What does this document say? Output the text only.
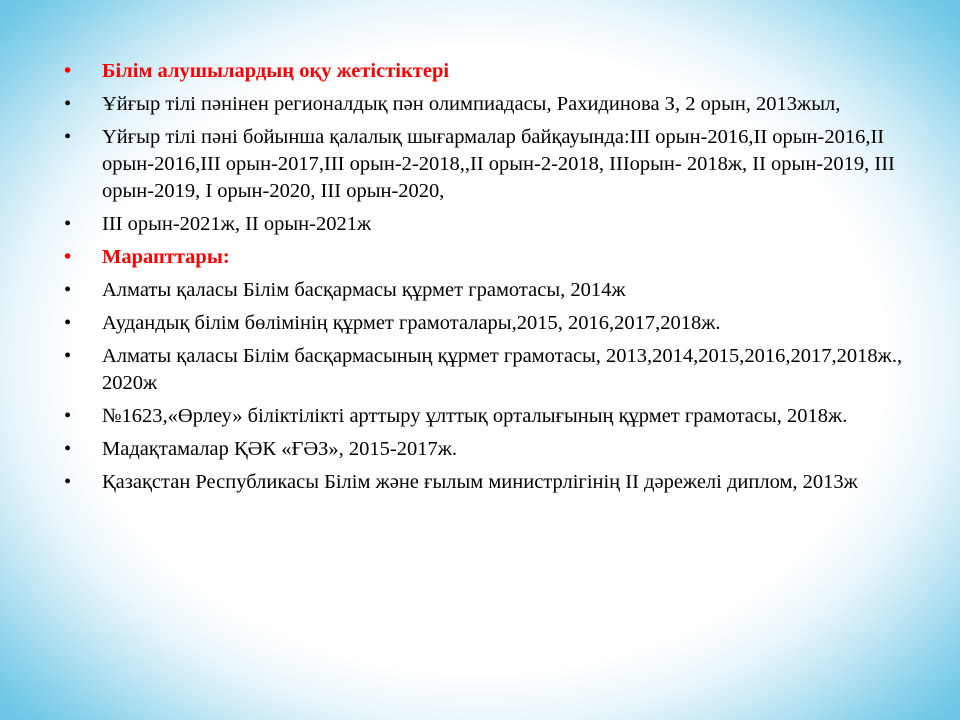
• Білім алушылардың оқу жетістіктері
• Ұйғыр тілі пәнінен регионалдық пән олимпиадасы, Рахидинова З, 2 орын, 2013жыл,
• Үйғыр тілі пәні бойынша қалалық шығармалар байқауында:III орын-2016,II орын-2016,II орын-2016,III орын-2017,III орын-2-2018,,II орын-2-2018, IIIорын- 2018ж, II орын-2019, III орын-2019, I орын-2020, III орын-2020,
• III орын-2021ж, II орын-2021ж
• Марапттары:
• Алматы қаласы Білім басқармасы құрмет грамотасы, 2014ж
• Аудандық білім бөлімінің құрмет грамоталары,2015, 2016,2017,2018ж.
• Алматы қаласы Білім басқармасының құрмет грамотасы, 2013,2014,2015,2016,2017,2018ж., 2020ж
• №1623,«Өрлеу» біліктілікті арттыру ұлттық орталығының құрмет грамотасы, 2018ж.
• Мадақтамалар ҚӘК «ҒӘЗ», 2015-2017ж.
• Қазақстан Республикасы Білім және ғылым министрлігінің II дәрежелі диплом, 2013ж
